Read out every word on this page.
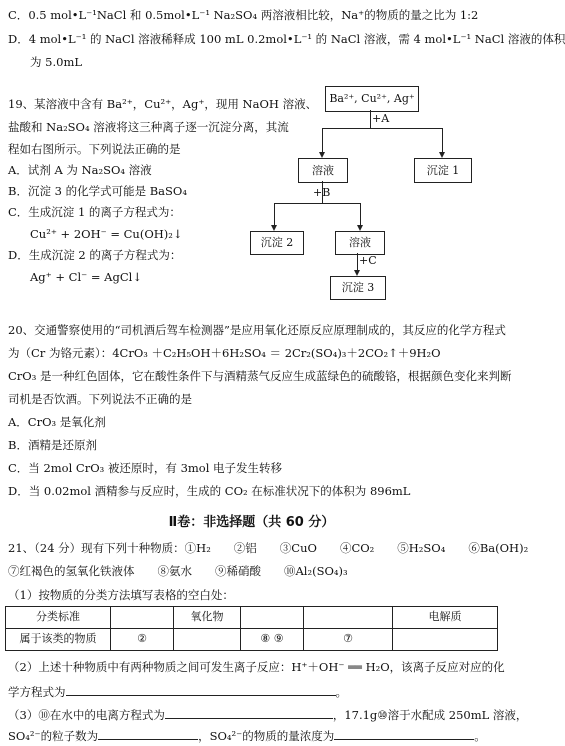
C．0.5 mol•L⁻¹NaCl 和 0.5mol•L⁻¹ Na₂SO₄ 两溶液相比较，Na⁺的物质的量之比为 1:2
D．4 mol•L⁻¹ 的 NaCl 溶液稀释成 100 mL 0.2mol•L⁻¹ 的 NaCl 溶液，需 4 mol•L⁻¹ NaCl 溶液的体积
为 5.0mL
19、某溶液中含有 Ba²⁺，Cu²⁺，Ag⁺，现用 NaOH 溶液、
盐酸和 Na₂SO₄ 溶液将这三种离子逐一沉淀分离，其流
程如右图所示。下列说法正确的是
A．试剂 A 为 Na₂SO₄ 溶液
B．沉淀 3 的化学式可能是 BaSO₄
C．生成沉淀 1 的离子方程式为：
Cu²⁺ + 2OH⁻ = Cu(OH)₂↓
D．生成沉淀 2 的离子方程式为：
Ag⁺ + Cl⁻ = AgCl↓
Ba²⁺, Cu²⁺, Ag⁺
+A
溶液	沉淀 1
+B
沉淀 2	溶液
+C
沉淀 3
20、交通警察使用的“司机酒后驾车检测器”是应用氧化还原反应原理制成的，其反应的化学方程式
为（Cr 为铬元素）：4CrO₃ ＋C₂H₅OH＋6H₂SO₄ ＝ 2Cr₂(SO₄)₃＋2CO₂↑＋9H₂O
CrO₃ 是一种红色固体，它在酸性条件下与酒精蒸气反应生成蓝绿色的硫酸铬，根据颜色变化来判断
司机是否饮酒。下列说法不正确的是
A．CrO₃ 是氧化剂
B．酒精是还原剂
C．当 2mol CrO₃ 被还原时，有 3mol 电子发生转移
D．当 0.02mol 酒精参与反应时，生成的 CO₂ 在标准状况下的体积为 896mL
Ⅱ卷：非选择题（共 60 分）
21、（24 分）现有下列十种物质：①H₂　　②铝　　③CuO　　④CO₂　　⑤H₂SO₄　　⑥Ba(OH)₂
⑦红褐色的氢氧化铁液体　　⑧氨水　　⑨稀硝酸　　⑩Al₂(SO₄)₃
（1）按物质的分类方法填写表格的空白处：
分类标准		氧化物			电解质
属于该类的物质	②		⑧ ⑨	⑦	
（2）上述十种物质中有两种物质之间可发生离子反应：H⁺＋OH⁻ ══ H₂O，该离子反应对应的化
学方程式为	。
（3）⑩在水中的电离方程式为	，17.1g⑩溶于水配成 250mL 溶液，
SO₄²⁻的粒子数为	，SO₄²⁻的物质的量浓度为	。
